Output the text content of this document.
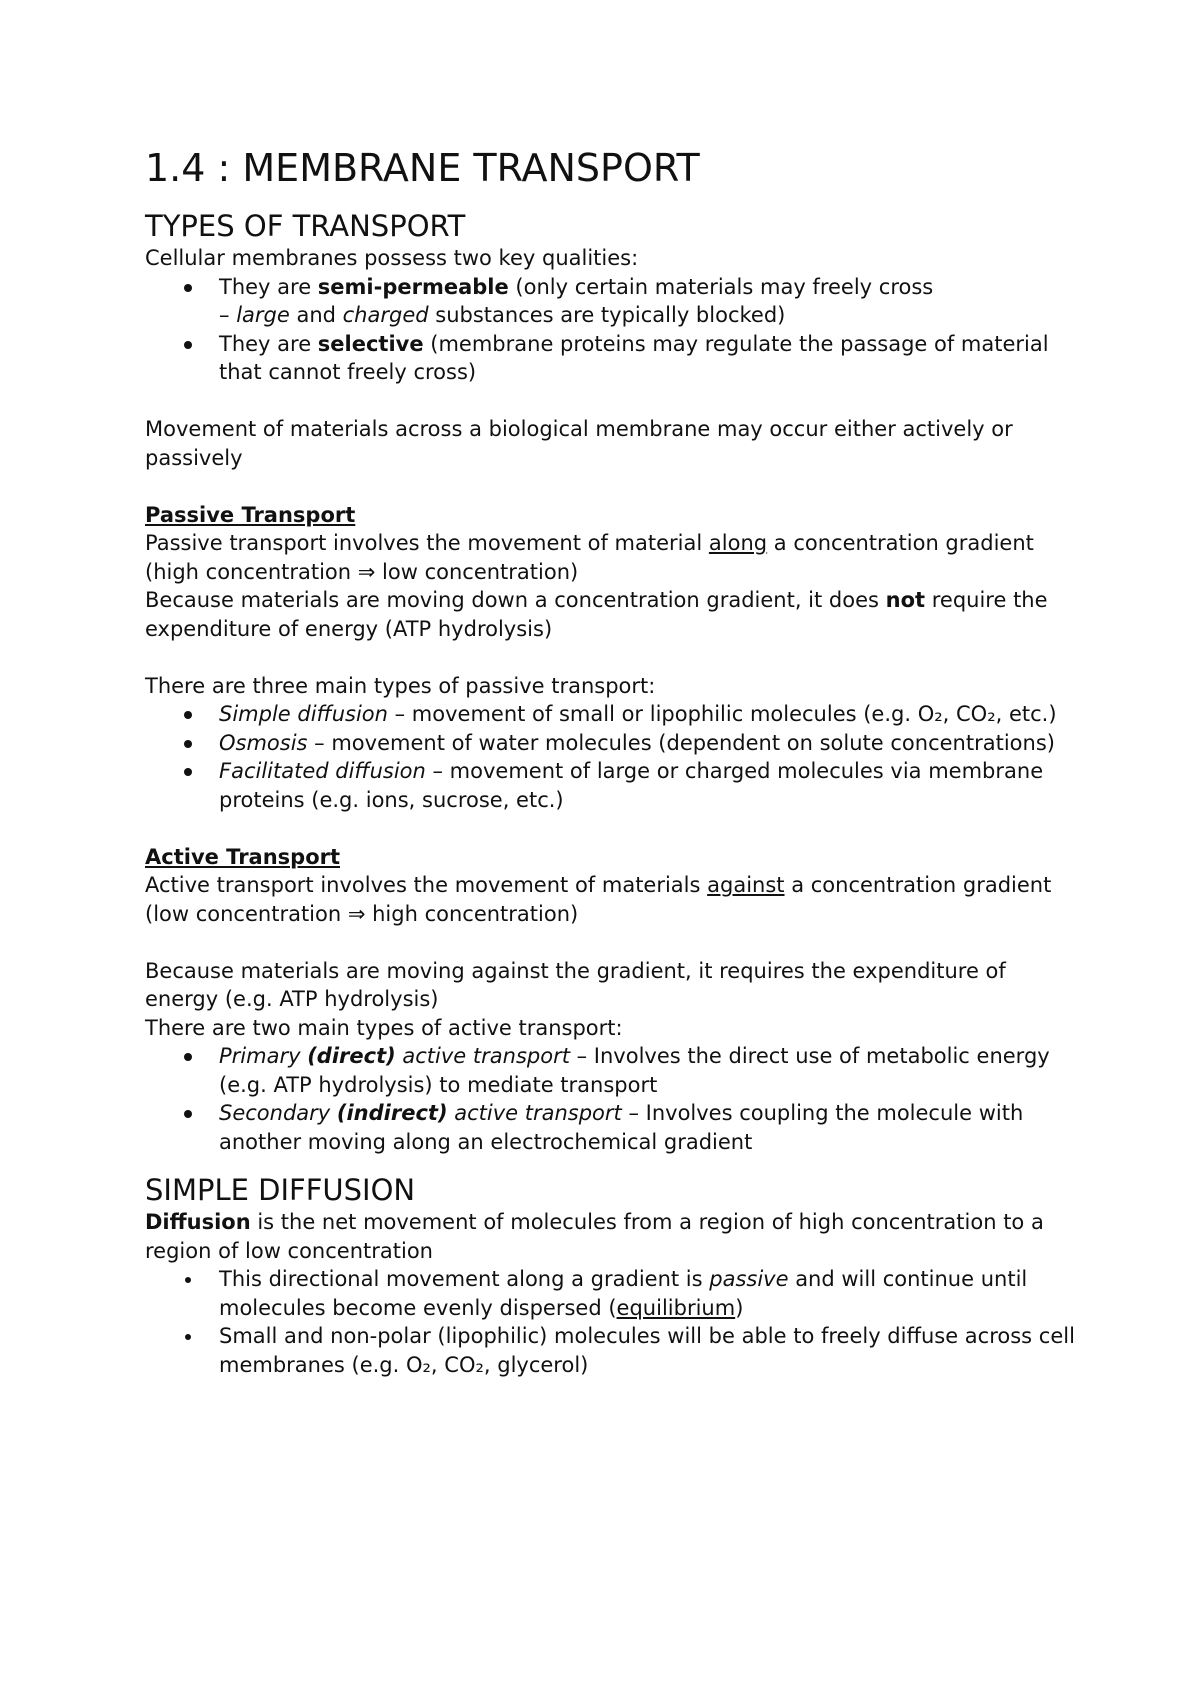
1.4 : MEMBRANE TRANSPORT
TYPES OF TRANSPORT

Cellular membranes possess two key qualities:

They are semi-permeable (only certain materials may freely cross
– large and charged substances are typically blocked)
They are selective (membrane proteins may regulate the passage of material that cannot freely cross)

Movement of materials across a biological membrane may occur either actively or passively

Passive Transport

Passive transport involves the movement of material along a concentration gradient (high concentration ⇒ low concentration)

Because materials are moving down a concentration gradient, it does not require the expenditure of energy (ATP hydrolysis)

There are three main types of passive transport:

Simple diffusion – movement of small or lipophilic molecules (e.g. O₂, CO₂, etc.)
Osmosis – movement of water molecules (dependent on solute concentrations)
Facilitated diffusion – movement of large or charged molecules via membrane proteins (e.g. ions, sucrose, etc.)

Active Transport

Active transport involves the movement of materials against a concentration gradient (low concentration ⇒ high concentration)

Because materials are moving against the gradient, it requires the expenditure of energy (e.g. ATP hydrolysis)

There are two main types of active transport:

Primary (direct) active transport – Involves the direct use of metabolic energy (e.g. ATP hydrolysis) to mediate transport
Secondary (indirect) active transport – Involves coupling the molecule with another moving along an electrochemical gradient
SIMPLE DIFFUSION

Diffusion is the net movement of molecules from a region of high concentration to a region of low concentration

This directional movement along a gradient is passive and will continue until molecules become evenly dispersed (equilibrium)
Small and non-polar (lipophilic) molecules will be able to freely diffuse across cell membranes (e.g. O₂, CO₂, glycerol)
